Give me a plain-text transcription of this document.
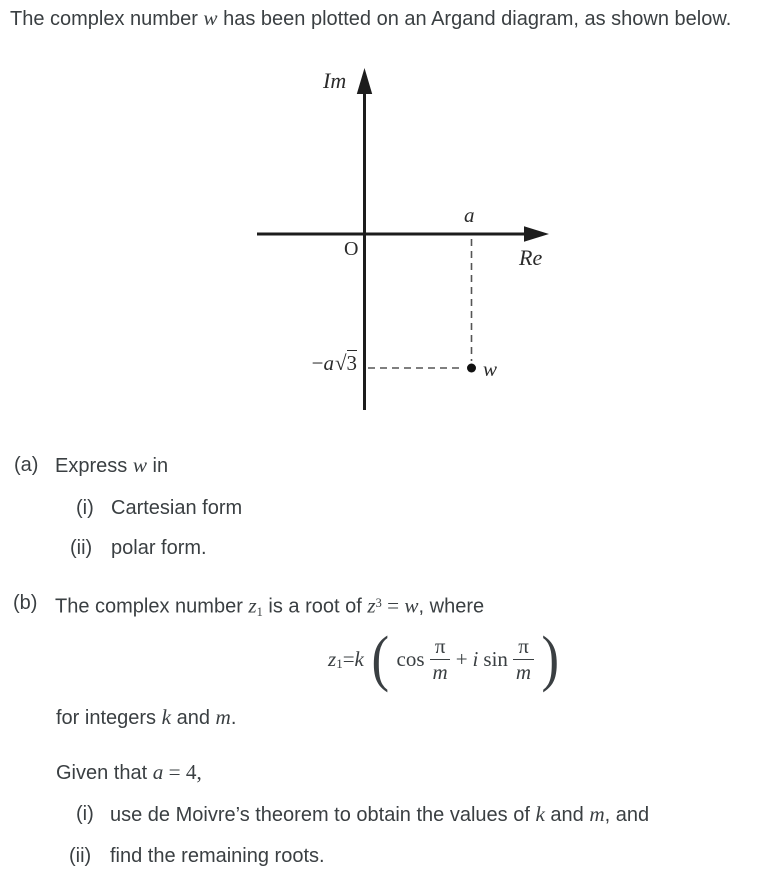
The complex number w has been plotted on an Argand diagram, as shown below.
Im
Re
O
a
w
−a√3
(a) Express w in
(i) Cartesian form
(ii) polar form.
(b) The complex number $z_1$ is a root of $z^3 = w$, where
z 1 = k ( $\cos \frac{\pi}{m} + i$ $\sin \frac{\pi}{m}$ )
for integers k and m.
Given that a = 4,
(i) use de Moivre’s theorem to obtain the values of k and m, and
(ii) find the remaining roots.
